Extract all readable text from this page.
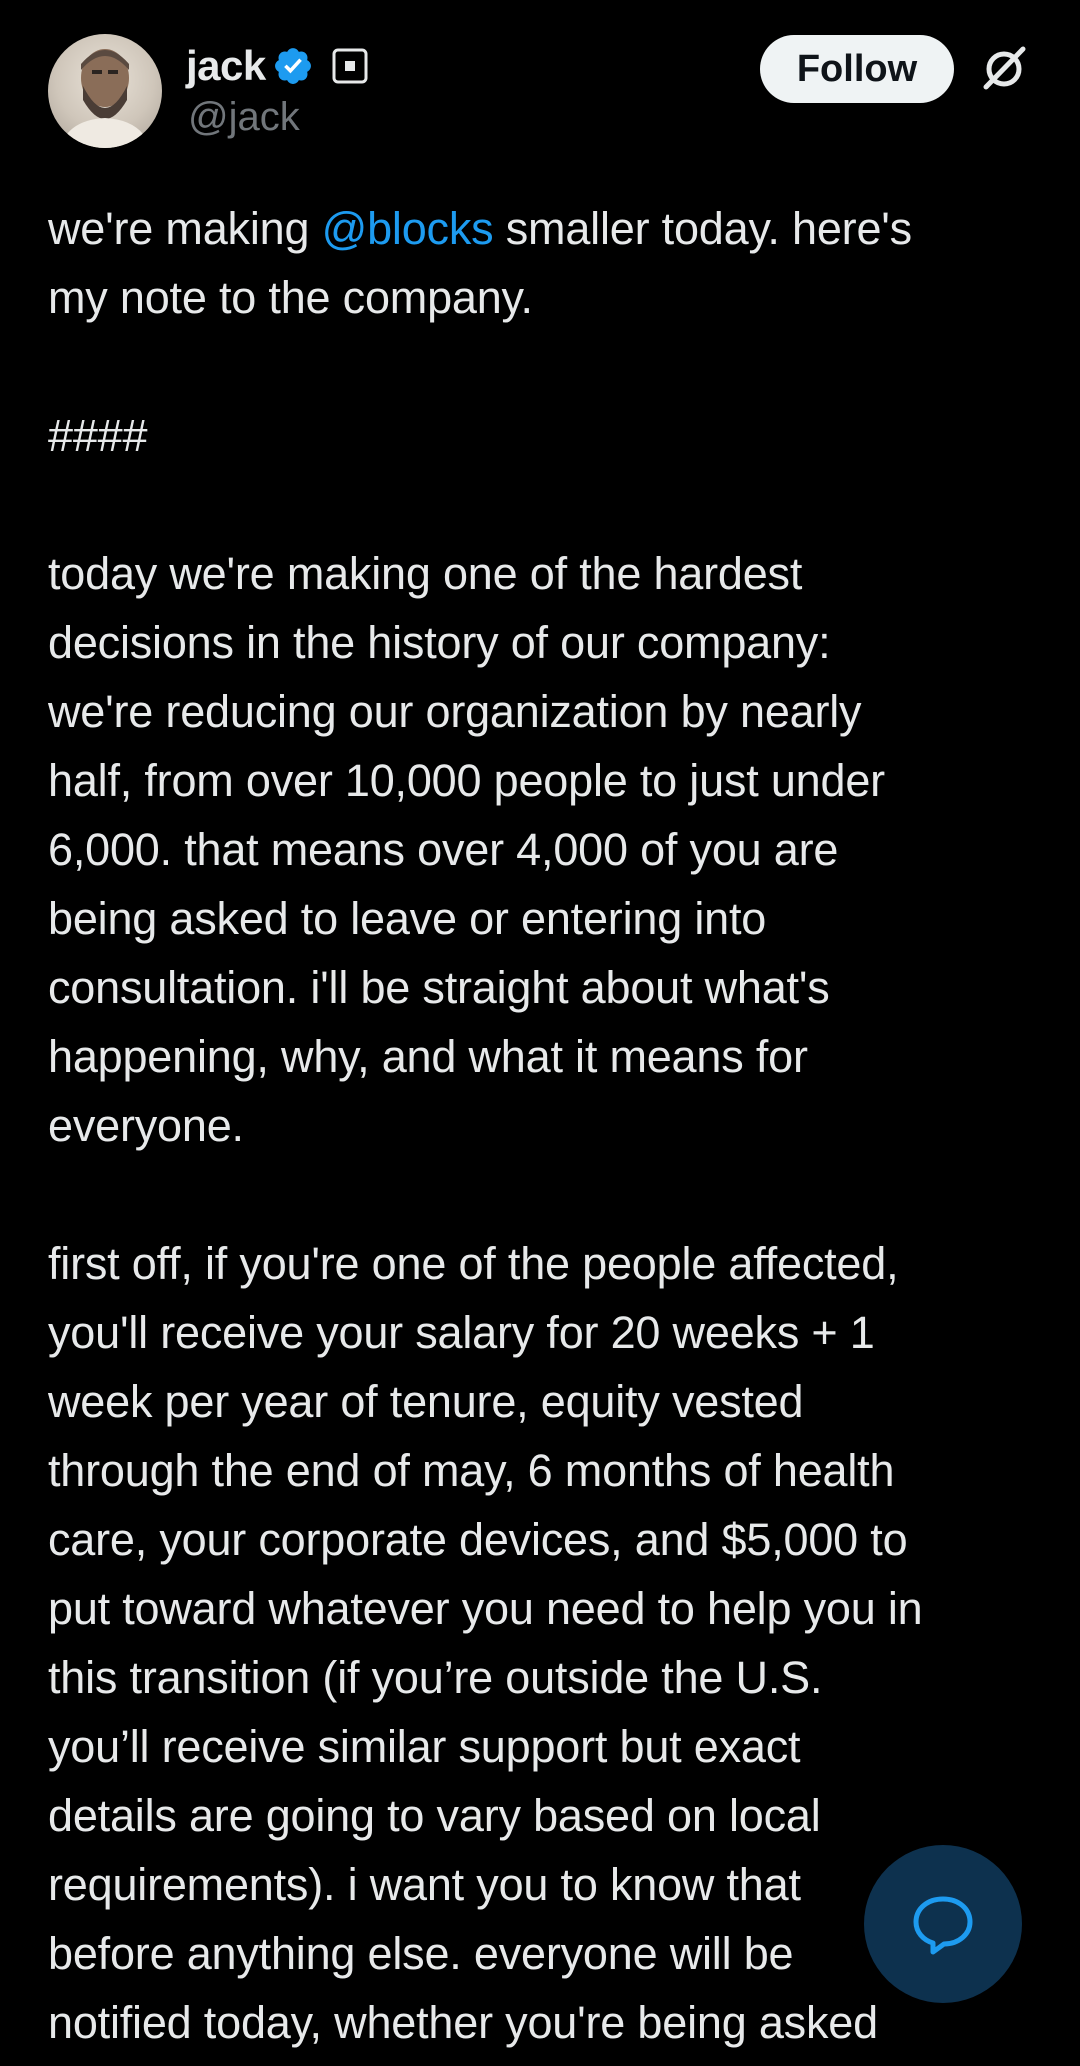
jack
@jack
Follow
we're making @blocks smaller today. here's
my note to the company.
####
today we're making one of the hardest
decisions in the history of our company:
we're reducing our organization by nearly
half, from over 10,000 people to just under
6,000. that means over 4,000 of you are
being asked to leave or entering into
consultation. i'll be straight about what's
happening, why, and what it means for
everyone.
first off, if you're one of the people affected,
you'll receive your salary for 20 weeks + 1
week per year of tenure, equity vested
through the end of may, 6 months of health
care, your corporate devices, and $5,000 to
put toward whatever you need to help you in
this transition (if you’re outside the U.S.
you’ll receive similar support but exact
details are going to vary based on local
requirements). i want you to know that
before anything else. everyone will be
notified today, whether you're being asked
